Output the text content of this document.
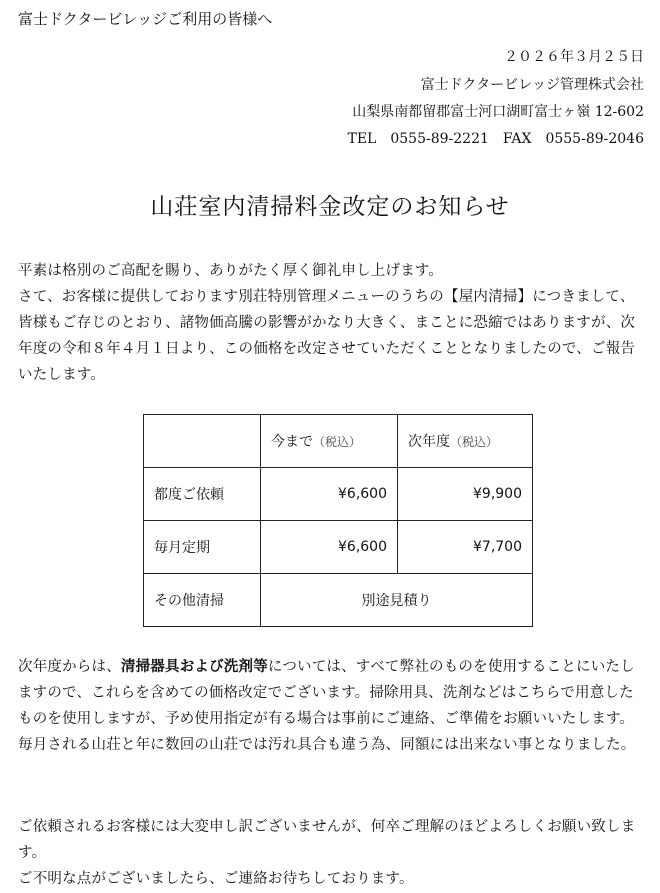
富士ドクタービレッジご利用の皆様へ
２０２６年３月２５日
富士ドクタービレッジ管理株式会社
山梨県南都留郡富士河口湖町富士ヶ嶺 12-602
TEL　0555-89-2221　FAX　0555-89-2046
山荘室内清掃料金改定のお知らせ

平素は格別のご高配を賜り、ありがたく厚く御礼申し上げます。

さて、お客様に提供しております別荘特別管理メニューのうちの【屋内清掃】につきまして、皆様もご存じのとおり、諸物価高騰の影響がかなり大きく、まことに恐縮ではありますが、次年度の令和８年４月１日より、この価格を改定させていただくこととなりましたので、ご報告いたします。

	今まで（税込）	次年度（税込）
都度ご依頼	¥6,600	¥9,900
毎月定期	¥6,600	¥7,700
その他清掃	別途見積り	

次年度からは、清掃器具および洗剤等については、すべて弊社のものを使用することにいたしますので、これらを含めての価格改定でございます。掃除用具、洗剤などはこちらで用意したものを使用しますが、予め使用指定が有る場合は事前にご連絡、ご準備をお願いいたします。毎月される山荘と年に数回の山荘では汚れ具合も違う為、同額には出来ない事となりました。

ご依頼されるお客様には大変申し訳ございませんが、何卒ご理解のほどよろしくお願い致します。

ご不明な点がございましたら、ご連絡お待ちしております。
